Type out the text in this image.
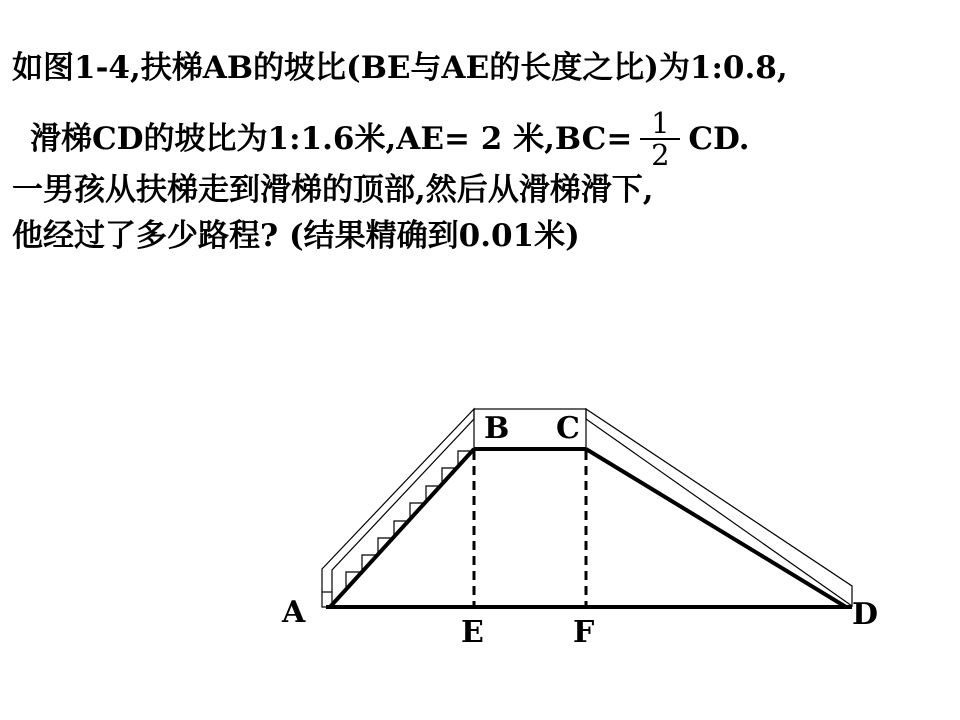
如图1-4,扶梯AB的坡比(BE与AE的长度之比)为1:0.8,
滑梯CD的坡比为1:1.6米,AE= 2 米$,BC= \frac{1}{2}$ CD.
一男孩从扶梯走到滑梯的顶部,然后从滑梯滑下,
他经过了多少路程? (结果精确到0.01米)
A
B C
D
E	F
